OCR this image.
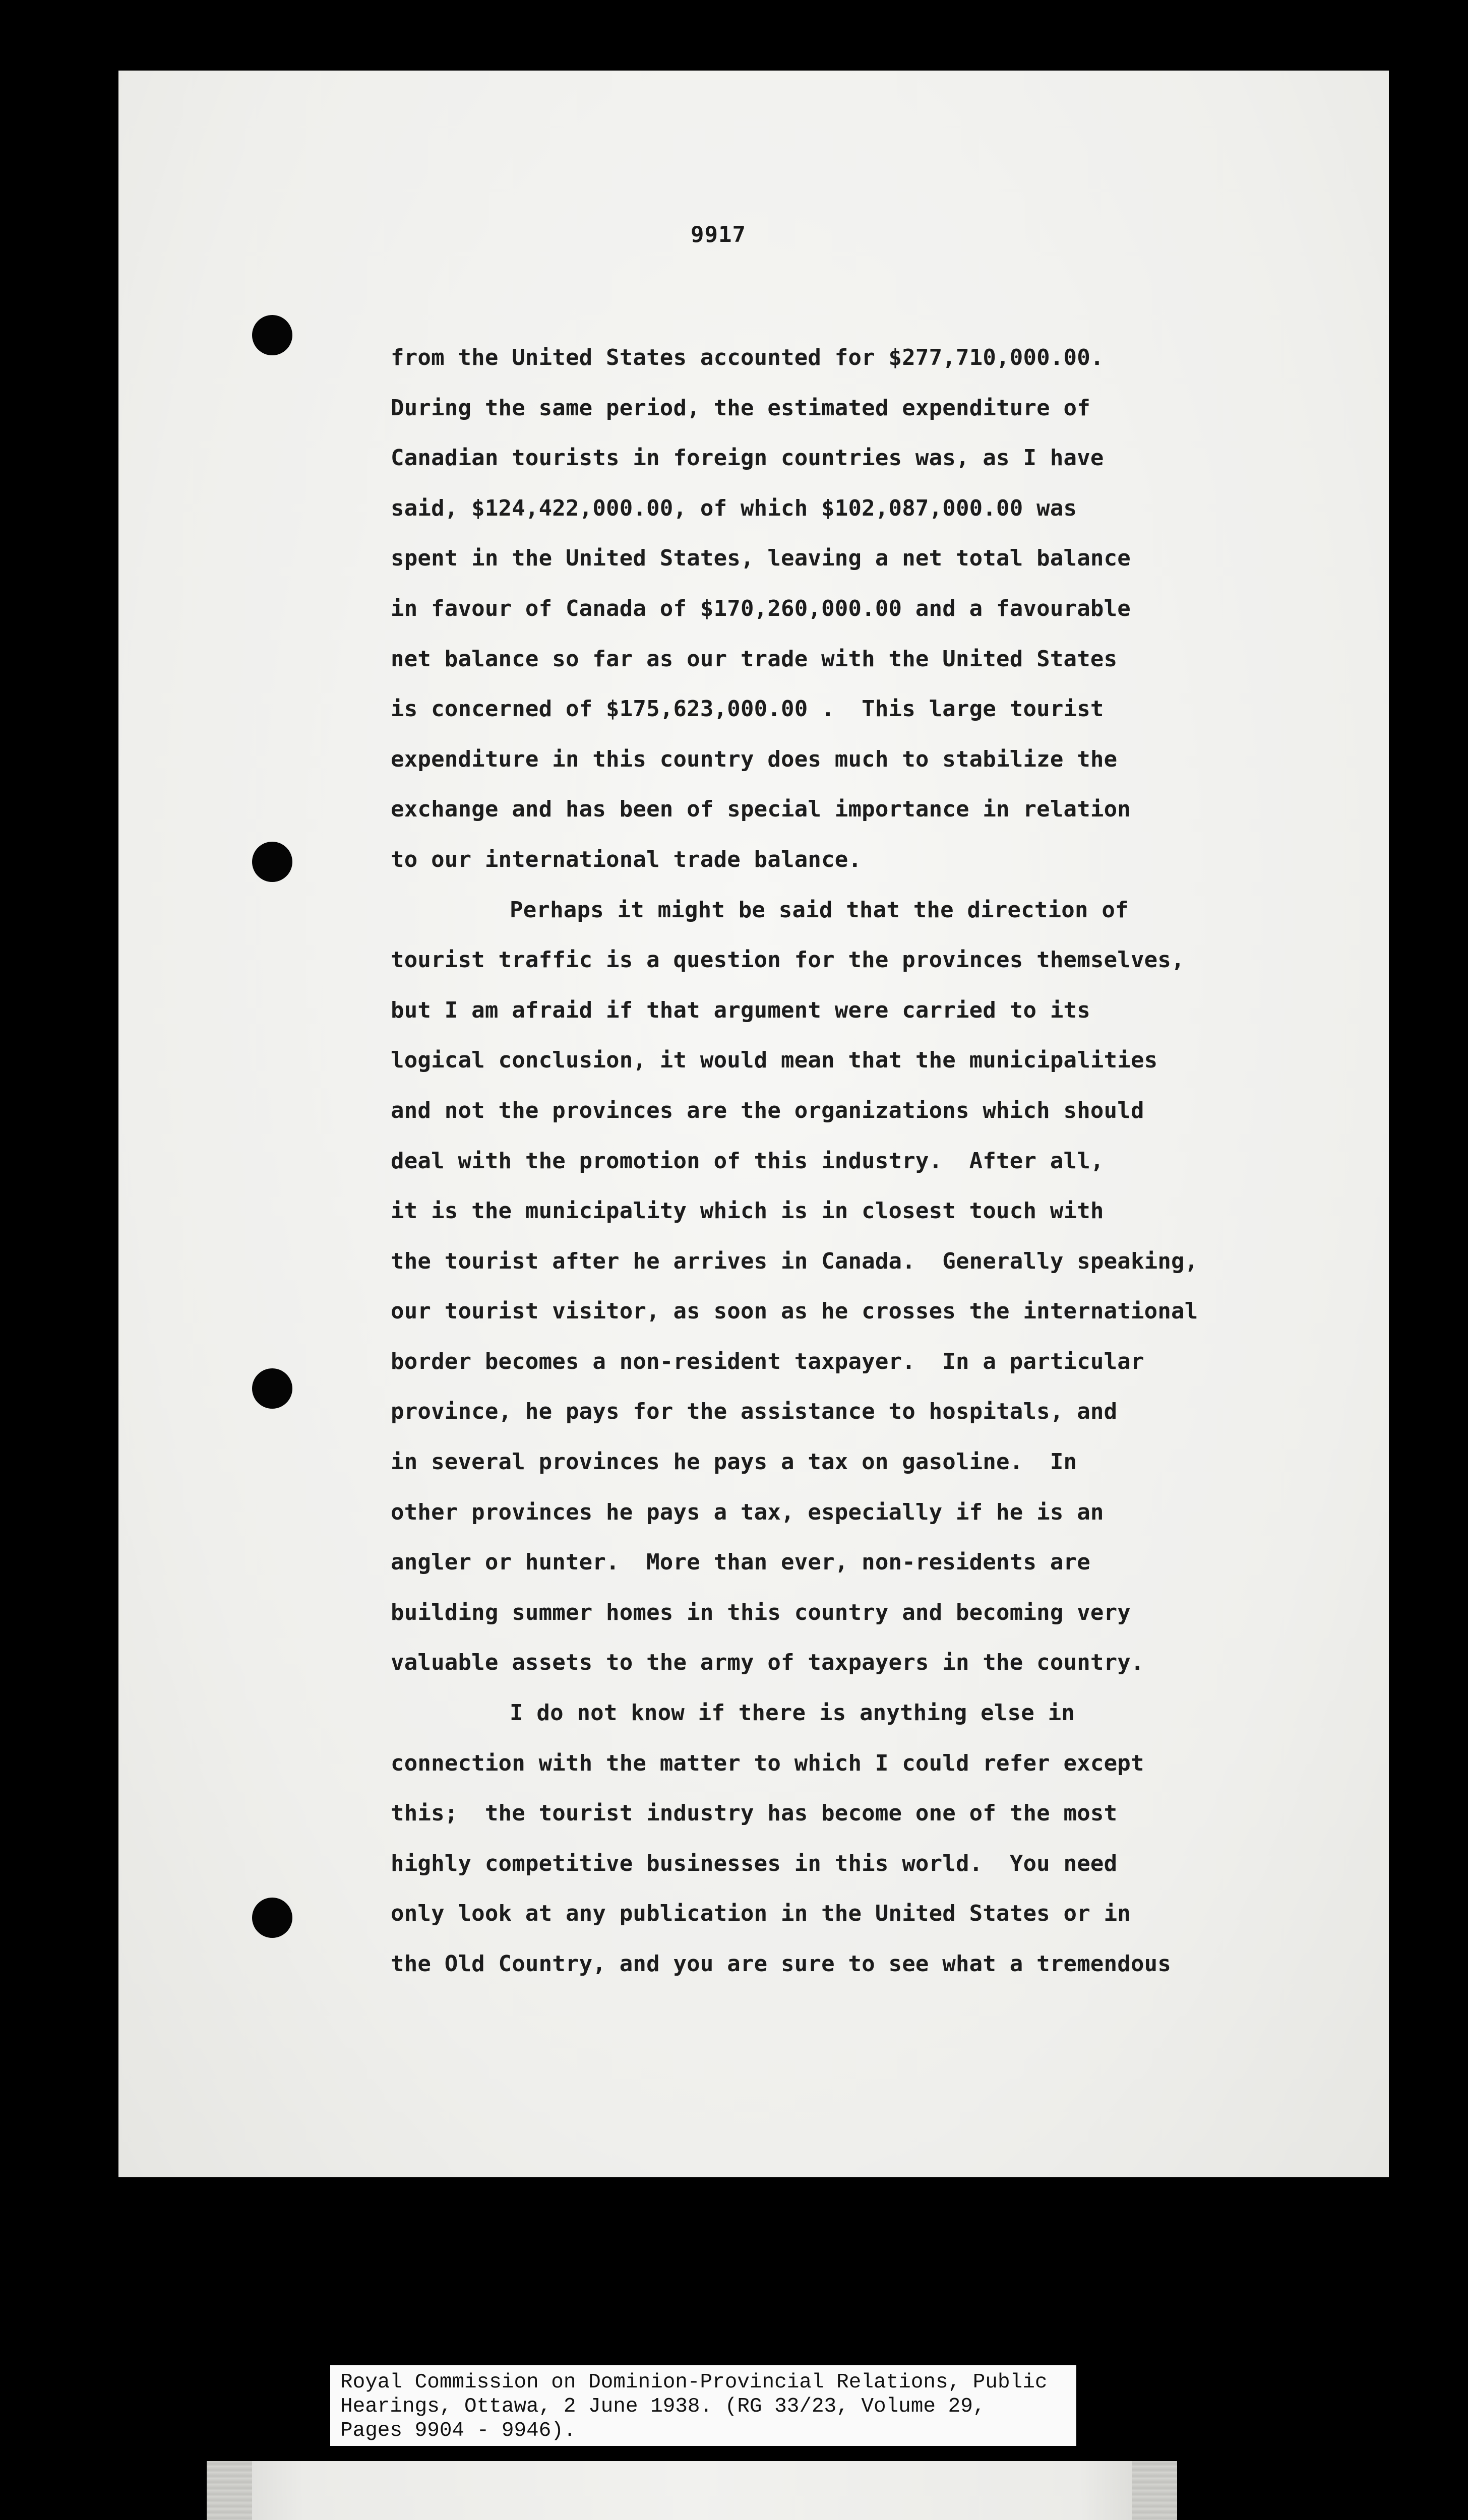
9917
from the United States accounted for $277,710,000.00.
During the same period, the estimated expenditure of
Canadian tourists in foreign countries was, as I have
said, $124,422,000.00, of which $102,087,000.00 was
spent in the United States, leaving a net total balance
in favour of Canada of $170,260,000.00 and a favourable
net balance so far as our trade with the United States
is concerned of $175,623,000.00 .  This large tourist
expenditure in this country does much to stabilize the
exchange and has been of special importance in relation
to our international trade balance.
Perhaps it might be said that the direction of
tourist traffic is a question for the provinces themselves,
but I am afraid if that argument were carried to its
logical conclusion, it would mean that the municipalities
and not the provinces are the organizations which should
deal with the promotion of this industry.  After all,
it is the municipality which is in closest touch with
the tourist after he arrives in Canada.  Generally speaking,
our tourist visitor, as soon as he crosses the international
border becomes a non-resident taxpayer.  In a particular
province, he pays for the assistance to hospitals, and
in several provinces he pays a tax on gasoline.  In
other provinces he pays a tax, especially if he is an
angler or hunter.  More than ever, non-residents are
building summer homes in this country and becoming very
valuable assets to the army of taxpayers in the country.
I do not know if there is anything else in
connection with the matter to which I could refer except
this;  the tourist industry has become one of the most
highly competitive businesses in this world.  You need
only look at any publication in the United States or in
the Old Country, and you are sure to see what a tremendous
Royal Commission on Dominion-Provincial Relations, Public
Hearings, Ottawa, 2 June 1938. (RG 33/23, Volume 29,
Pages 9904 - 9946).
